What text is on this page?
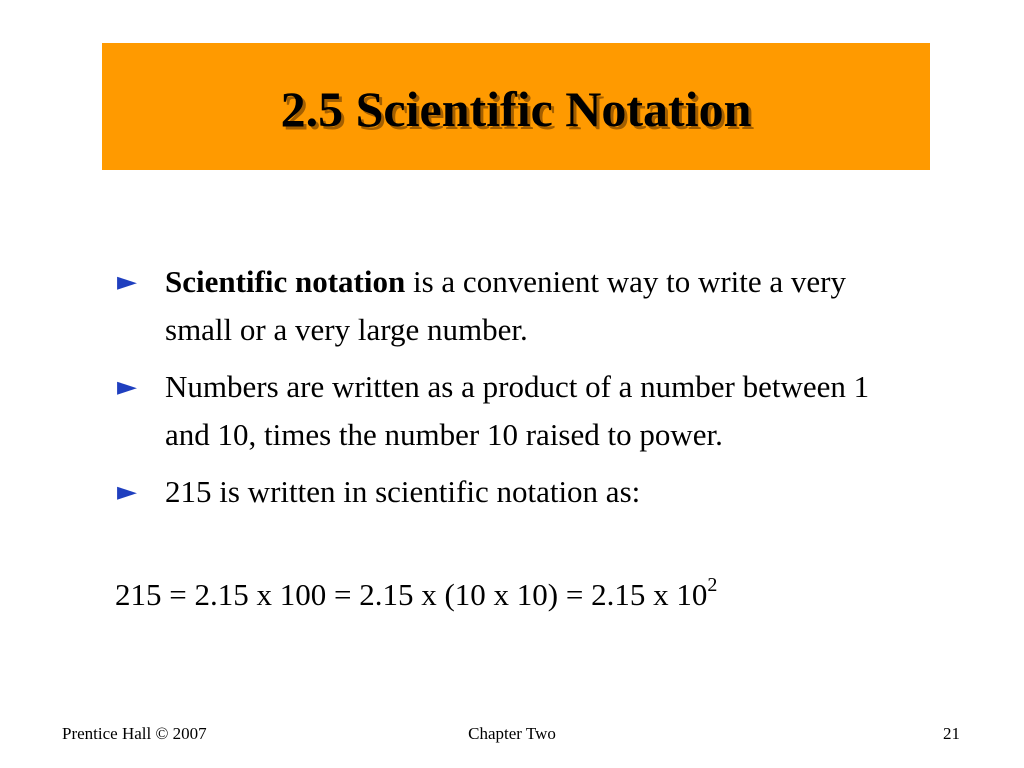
2.5 Scientific Notation
► Scientific notation is a convenient way to write a very small or a very large number.
► Numbers are written as a product of a number between 1 and 10, times the number 10 raised to power.
► 215 is written in scientific notation as:
215 = 2.15 x 100 = 2.15 x (10 x 10) = 2.15 x $10^2$
Prentice Hall © 2007	Chapter Two	21
